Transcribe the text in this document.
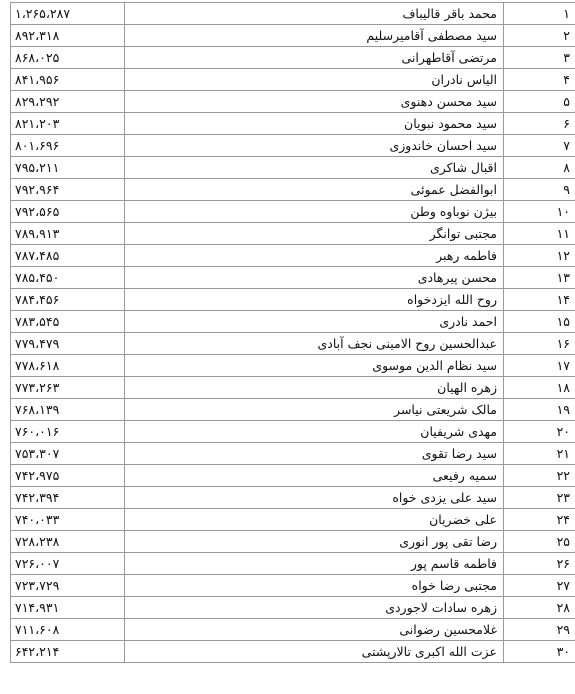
۱،۲۶۵،۲۸۷	محمد باقر قالیباف	۱
۸۹۲،۳۱۸	سید مصطفی آقامیرسلیم	۲
۸۶۸،۰۲۵	مرتضی آقاطهرانی	۳
۸۴۱،۹۵۶	الیاس نادران	۴
۸۲۹،۲۹۲	سید محسن دهنوی	۵
۸۲۱،۲۰۳	سید محمود نبویان	۶
۸۰۱،۶۹۶	سید احسان خاندوزی	۷
۷۹۵،۲۱۱	اقبال شاکری	۸
۷۹۲،۹۶۴	ابوالفضل عموئی	۹
۷۹۲،۵۶۵	بیژن نوباوه وطن	۱۰
۷۸۹،۹۱۳	مجتبی توانگر	۱۱
۷۸۷،۴۸۵	فاطمه رهبر	۱۲
۷۸۵،۴۵۰	محسن پیرهادی	۱۳
۷۸۴،۴۵۶	روح الله ایزدخواه	۱۴
۷۸۳،۵۴۵	احمد نادری	۱۵
۷۷۹،۴۷۹	عبدالحسین روح الامینی نجف آبادی	۱۶
۷۷۸،۶۱۸	سید نظام الدین موسوی	۱۷
۷۷۳،۲۶۳	زهره الهیان	۱۸
۷۶۸،۱۳۹	مالک شریعتی نیاسر	۱۹
۷۶۰،۰۱۶	مهدی شریفیان	۲۰
۷۵۳،۳۰۷	سید رضا تقوی	۲۱
۷۴۲،۹۷۵	سمیه رفیعی	۲۲
۷۴۲،۳۹۴	سید علی یزدی خواه	۲۳
۷۴۰،۰۳۳	علی خضریان	۲۴
۷۲۸،۲۳۸	رضا تقی پور انوری	۲۵
۷۲۶،۰۰۷	فاطمه قاسم پور	۲۶
۷۲۳،۷۲۹	مجتبی رضا خواه	۲۷
۷۱۴،۹۳۱	زهره سادات لاجوردی	۲۸
۷۱۱،۶۰۸	غلامحسین رضوانی	۲۹
۶۴۲،۲۱۴	عزت الله اکبری تالارپشتی	۳۰
